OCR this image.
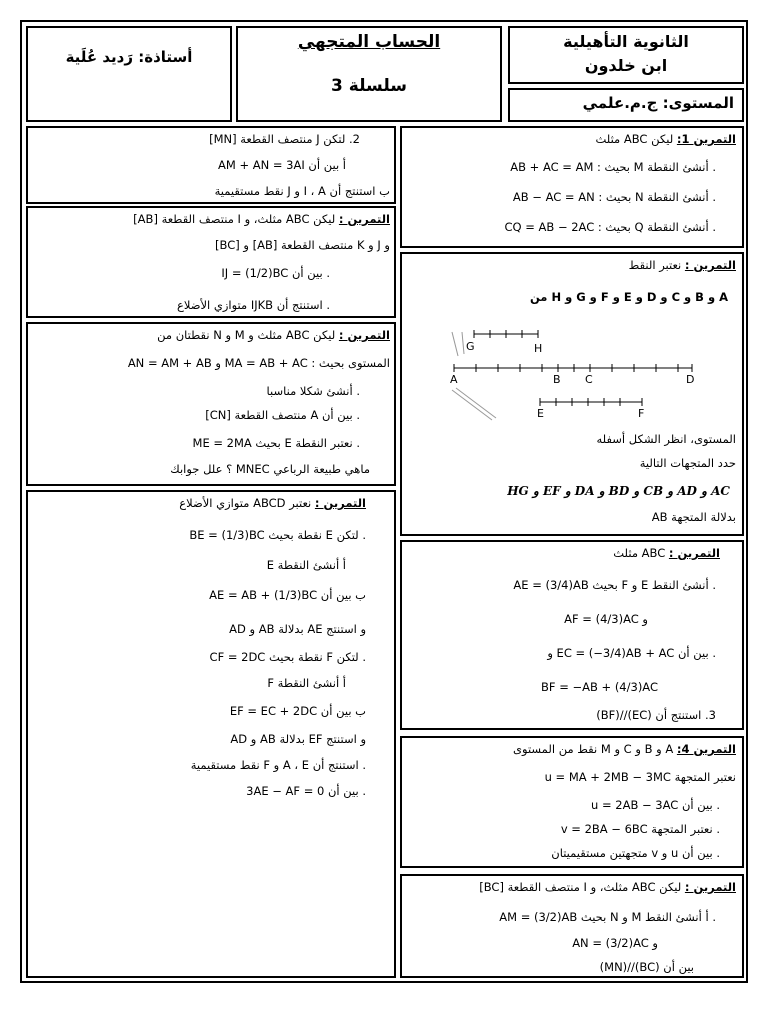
أستاذة: رَديد عُلَية
الحساب المتجهي
سلسلة 3
الثانوية التأهيلية
ابن خلدون
المستوى: ج.م.علمي
التمرين 1: ليكن ABC مثلث
. أنشئ النقطة M بحيث : AB + AC = AM
. أنشئ النقطة N بحيث : AB − AC = AN
. أنشئ النقطة Q بحيث : CQ = AB − 2AC
التمرين : نعتبر النقط
A و B و C و D و E و F و G و H من
G	H
A	B C	D
E	F
المستوى، انظر الشكل أسفله
حدد المتجهات التالية
AC و AD و CB و BD و DA و EF و HG
بدلالة المتجهة AB
التمرين : ABC مثلث
. أنشئ النقط E و F بحيث AE = (3/4)AB
و AF = (4/3)AC
. بين أن EC = (−3/4)AB + AC و
BF = −AB + (4/3)AC
3. استنتج أن (EC)//(BF)
التمرين 4: A و B و C و M نقط من المستوى
نعتبر المتجهة u = MA + 2MB − 3MC
. بين أن u = 2AB − 3AC
. نعتبر المتجهة v = 2BA − 6BC
. بين أن u و v متجهتين مستقيميتان
التمرين : ليكن ABC مثلث، و I منتصف القطعة [BC]
. أ أنشئ النقط M و N بحيث AM = (3/2)AB
و AN = (3/2)AC
بين أن (BC)//(MN)
2. لتكن J منتصف القطعة [MN]
أ بين أن AM + AN = 3AI
ب استنتج أن I ، A و J نقط مستقيمية
التمرين : ليكن ABC مثلث، و I منتصف القطعة [AB]
و J و K منتصف القطعة [AB] و [BC]
. بين أن IJ = (1/2)BC
. استنتج أن IJKB متوازي الأضلاع
التمرين : ليكن ABC مثلث و M و N نقطتان من
المستوى بحيث : MA = AB + AC و AN = AM + AB
. أنشئ شكلا مناسبا
. بين أن A منتصف القطعة [CN]
. نعتبر النقطة E بحيث ME = 2MA
ماهي طبيعة الرباعي MNEC ؟ علل جوابك
التمرين : نعتبر ABCD متوازي الأضلاع
. لتكن E نقطة بحيث BE = (1/3)BC
أ أنشئ النقطة E
ب بين أن AE = AB + (1/3)BC
و استنتج AE بدلالة AB و AD
. لتكن F نقطة بحيث CF = 2DC
أ أنشئ النقطة F
ب بين أن EF = EC + 2DC
و استنتج EF بدلالة AB و AD
. استنتج أن A ، E و F نقط مستقيمية
. بين أن 3AE − AF = 0
